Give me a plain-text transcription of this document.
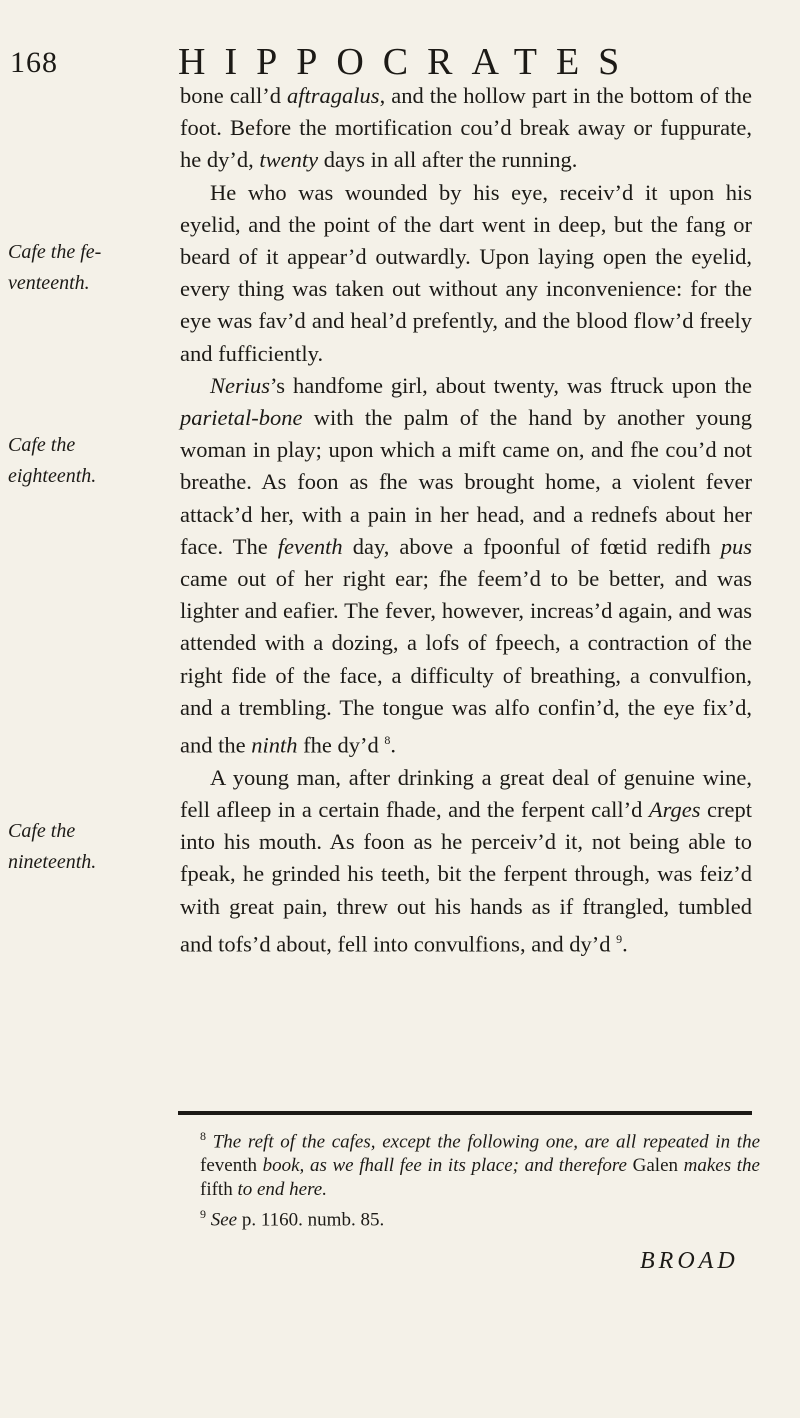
168	HIPPOCRATES
Cafe the fe-
venteenth.
Cafe the
eighteenth.
Cafe the
nineteenth.

bone call’d aftragalus, and the hollow part in the bottom of the foot. Before the mortification cou’d break away or fuppurate, he dy’d, twenty days in all after the running.

He who was wounded by his eye, receiv’d it upon his eyelid, and the point of the dart went in deep, but the fang or beard of it appear’d outwardly. Upon laying open the eyelid, every thing was taken out without any inconvenience: for the eye was fav’d and heal’d prefently, and the blood flow’d freely and fufficiently.

Nerius’s handfome girl, about twenty, was ftruck upon the parietal-bone with the palm of the hand by another young woman in play; upon which a mift came on, and fhe cou’d not breathe. As foon as fhe was brought home, a violent fever attack’d her, with a pain in her head, and a rednefs about her face. The feventh day, above a fpoonful of fœtid redifh pus came out of her right ear; fhe feem’d to be better, and was lighter and eafier. The fever, however, increas’d again, and was attended with a dozing, a lofs of fpeech, a contraction of the right fide of the face, a difficulty of breathing, a convulfion, and a trembling. The tongue was alfo confin’d, the eye fix’d, and the ninth fhe dy’d $^8$.

A young man, after drinking a great deal of genuine wine, fell afleep in a certain fhade, and the ferpent call’d Arges crept into his mouth. As foon as he perceiv’d it, not being able to fpeak, he grinded his teeth, bit the ferpent through, was feiz’d with great pain, threw out his hands as if ftrangled, tumbled and tofs’d about, fell into convulfions, and dy’d $^9$.

$^8$ The reft of the cafes, except the following one, are all repeated in the feventh book, as we fhall fee in its place; and therefore Galen makes the fifth to end here.

$^9$ See p. 1160. numb. 85.

BROAD
